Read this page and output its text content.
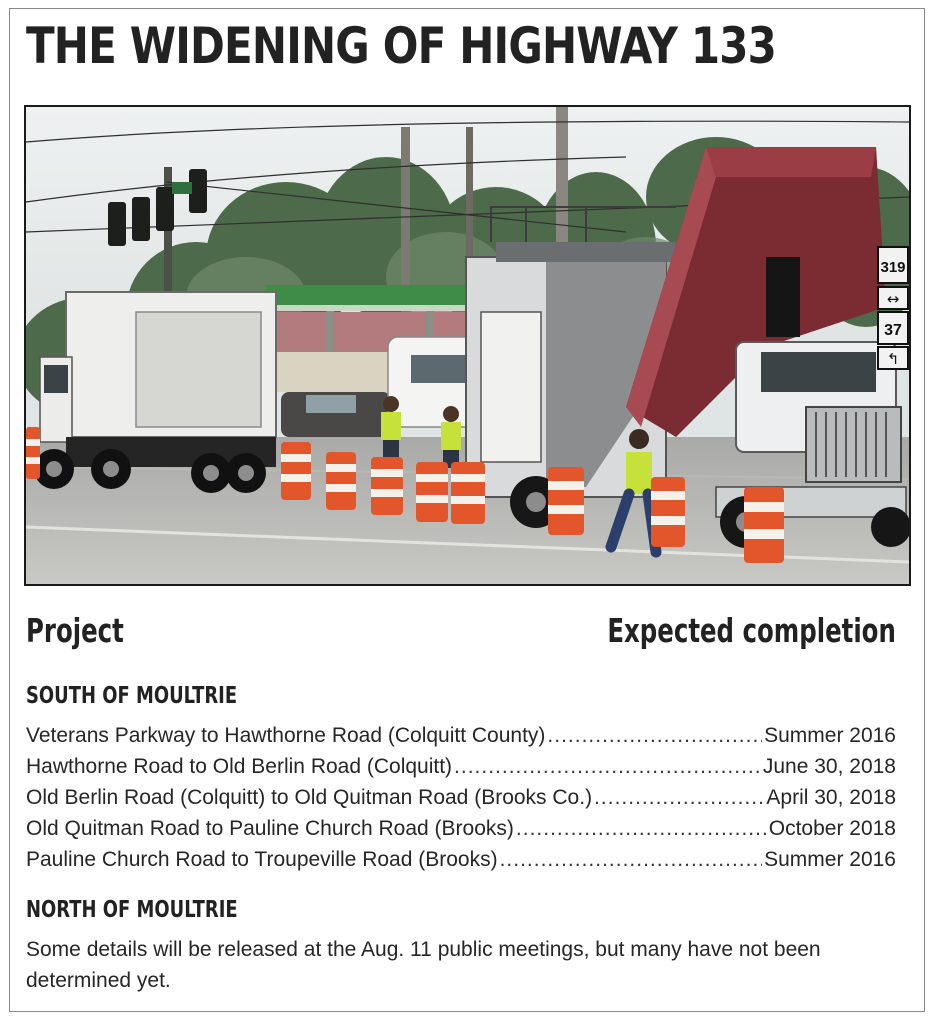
THE WIDENING OF HIGHWAY 133
319
↔
37
↰
Project	Expected completion
SOUTH OF MOULTRIE
Veterans Parkway to Hawthorne Road (Colquitt County) .....	Summer 2016
Hawthorne Road to Old Berlin Road (Colquitt) .....	June 30, 2018
Old Berlin Road (Colquitt) to Old Quitman Road (Brooks Co.) .....	April 30, 2018
Old Quitman Road to Pauline Church Road (Brooks) .....	October 2018
Pauline Church Road to Troupeville Road (Brooks) .....	Summer 2016
NORTH OF MOULTRIE

Some details will be released at the Aug. 11 public meetings, but many have not been determined yet.
